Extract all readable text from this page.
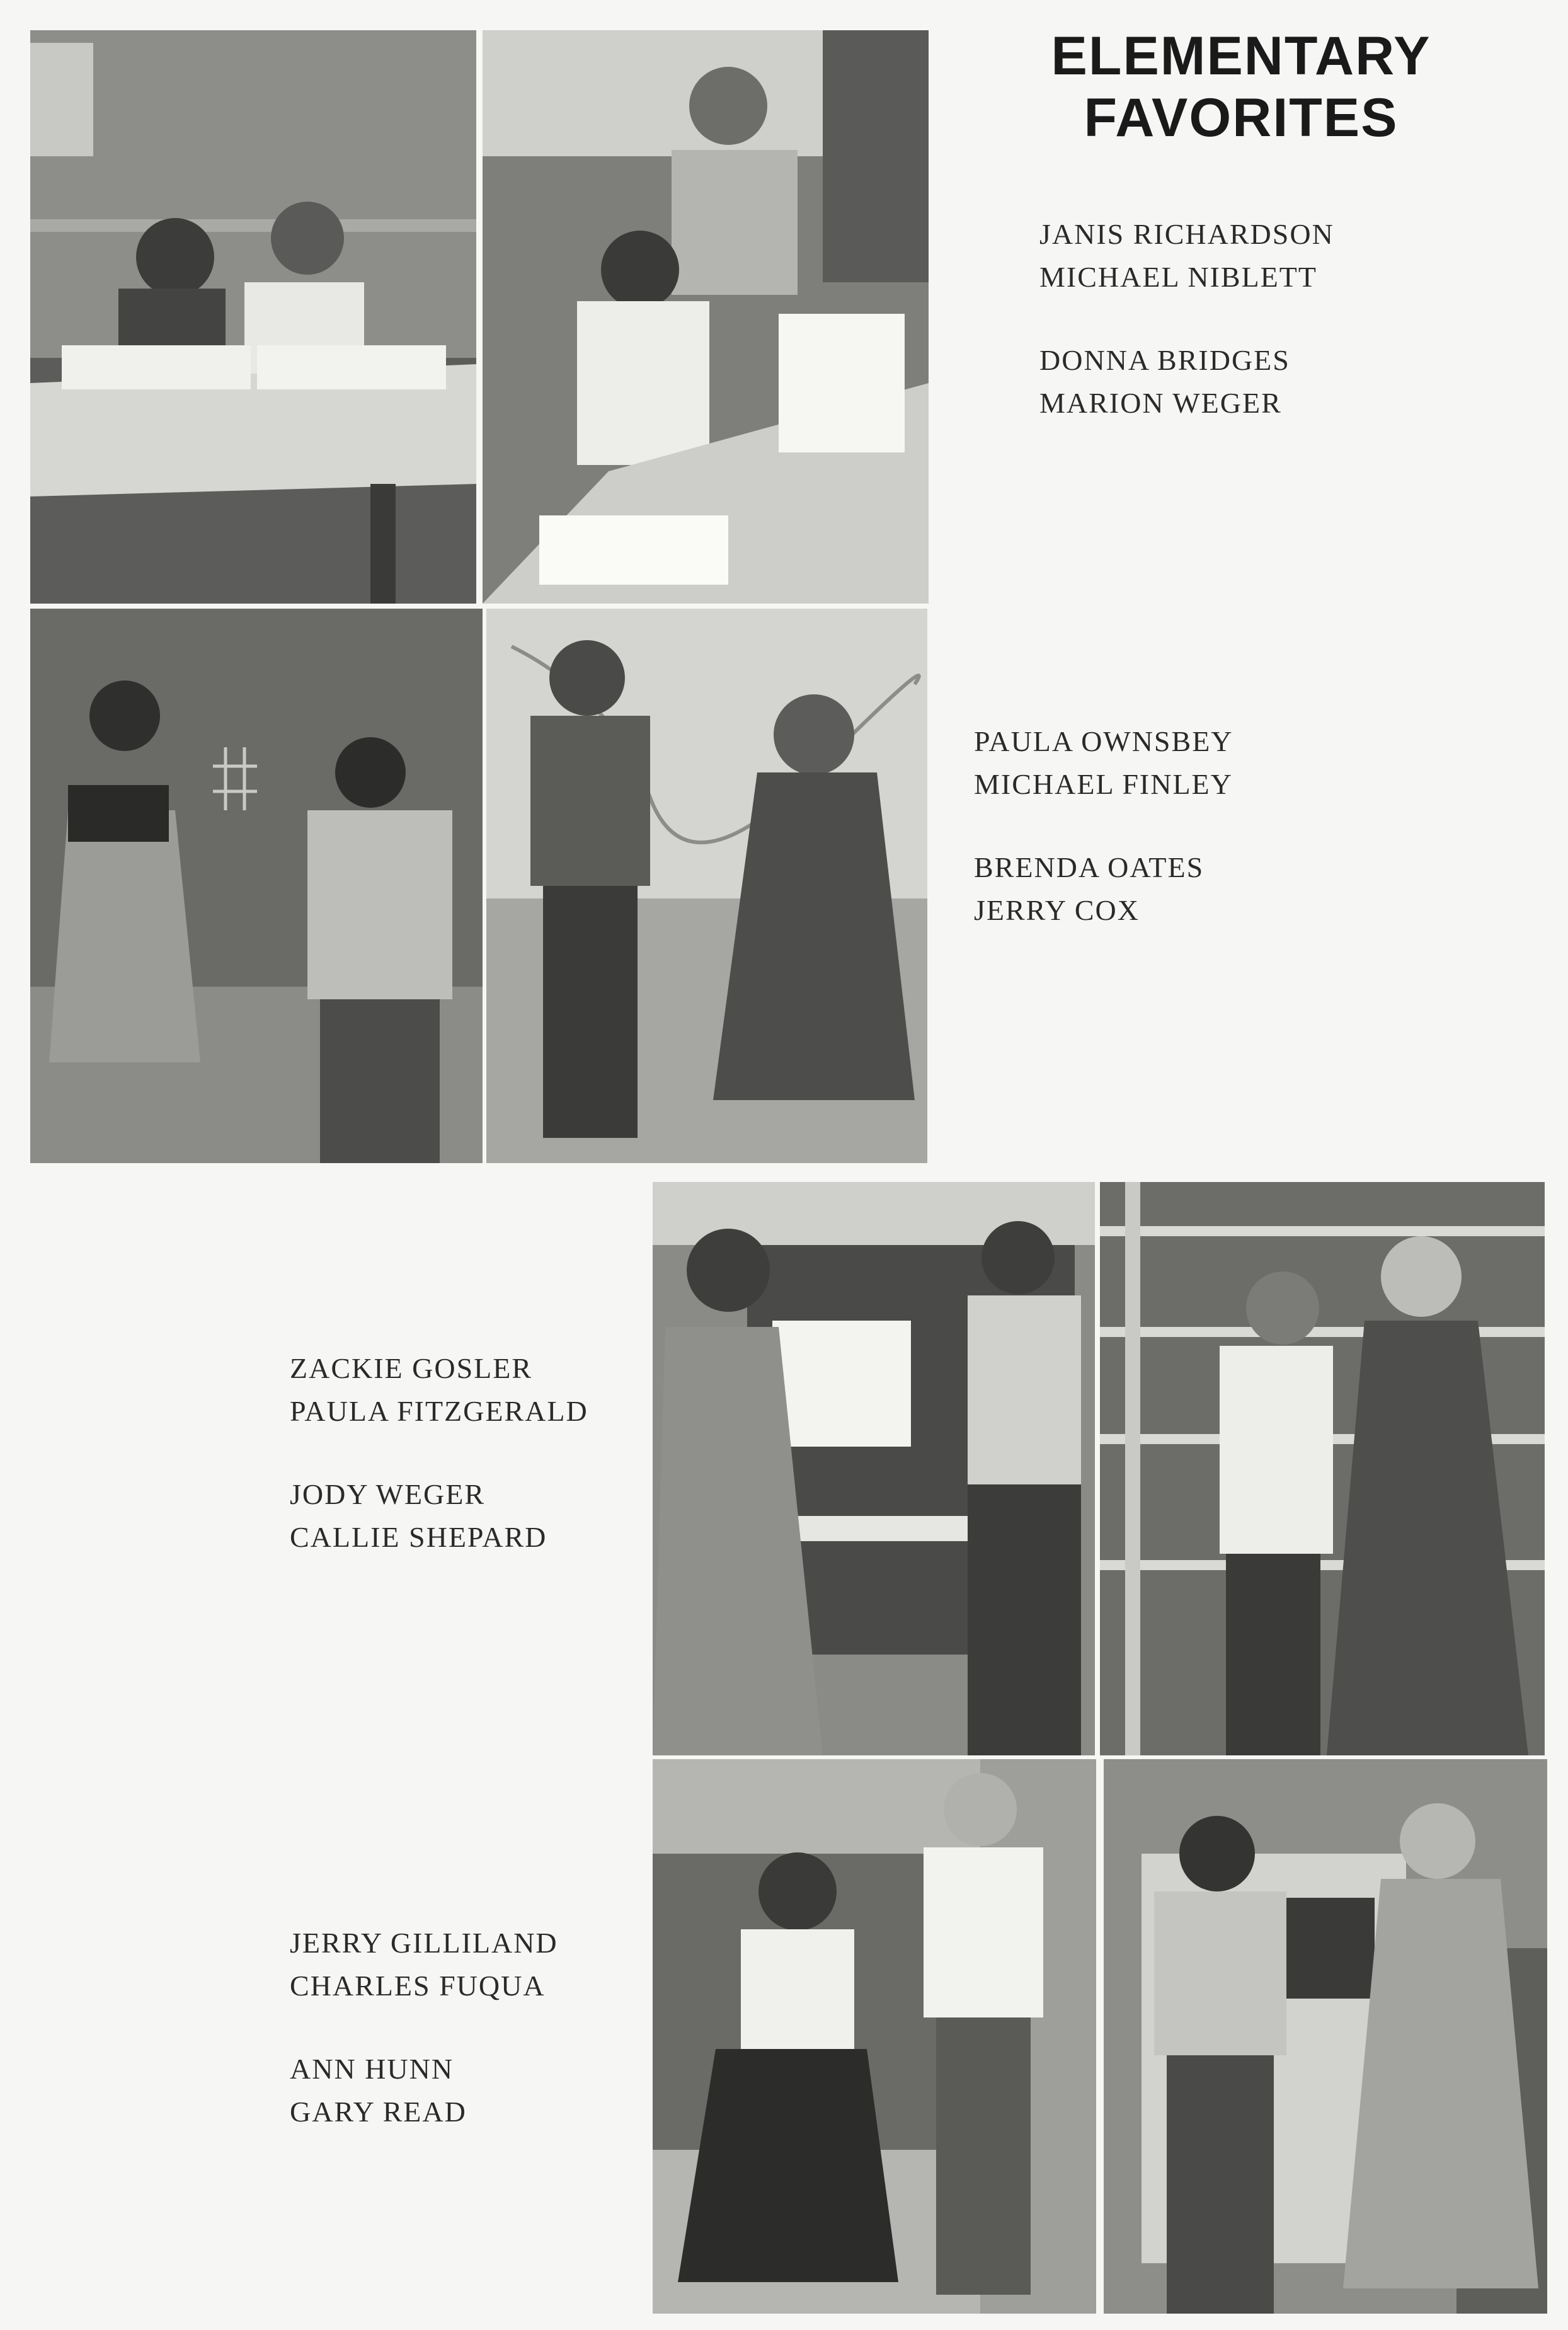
ELEMENTARY
FAVORITES
JANIS RICHARDSON
MICHAEL NIBLETT
DONNA BRIDGES
MARION WEGER
PAULA OWNSBEY
MICHAEL FINLEY
BRENDA OATES
JERRY COX
ZACKIE GOSLER
PAULA FITZGERALD
JODY WEGER
CALLIE SHEPARD
JERRY GILLILAND
CHARLES FUQUA
ANN HUNN
GARY READ
